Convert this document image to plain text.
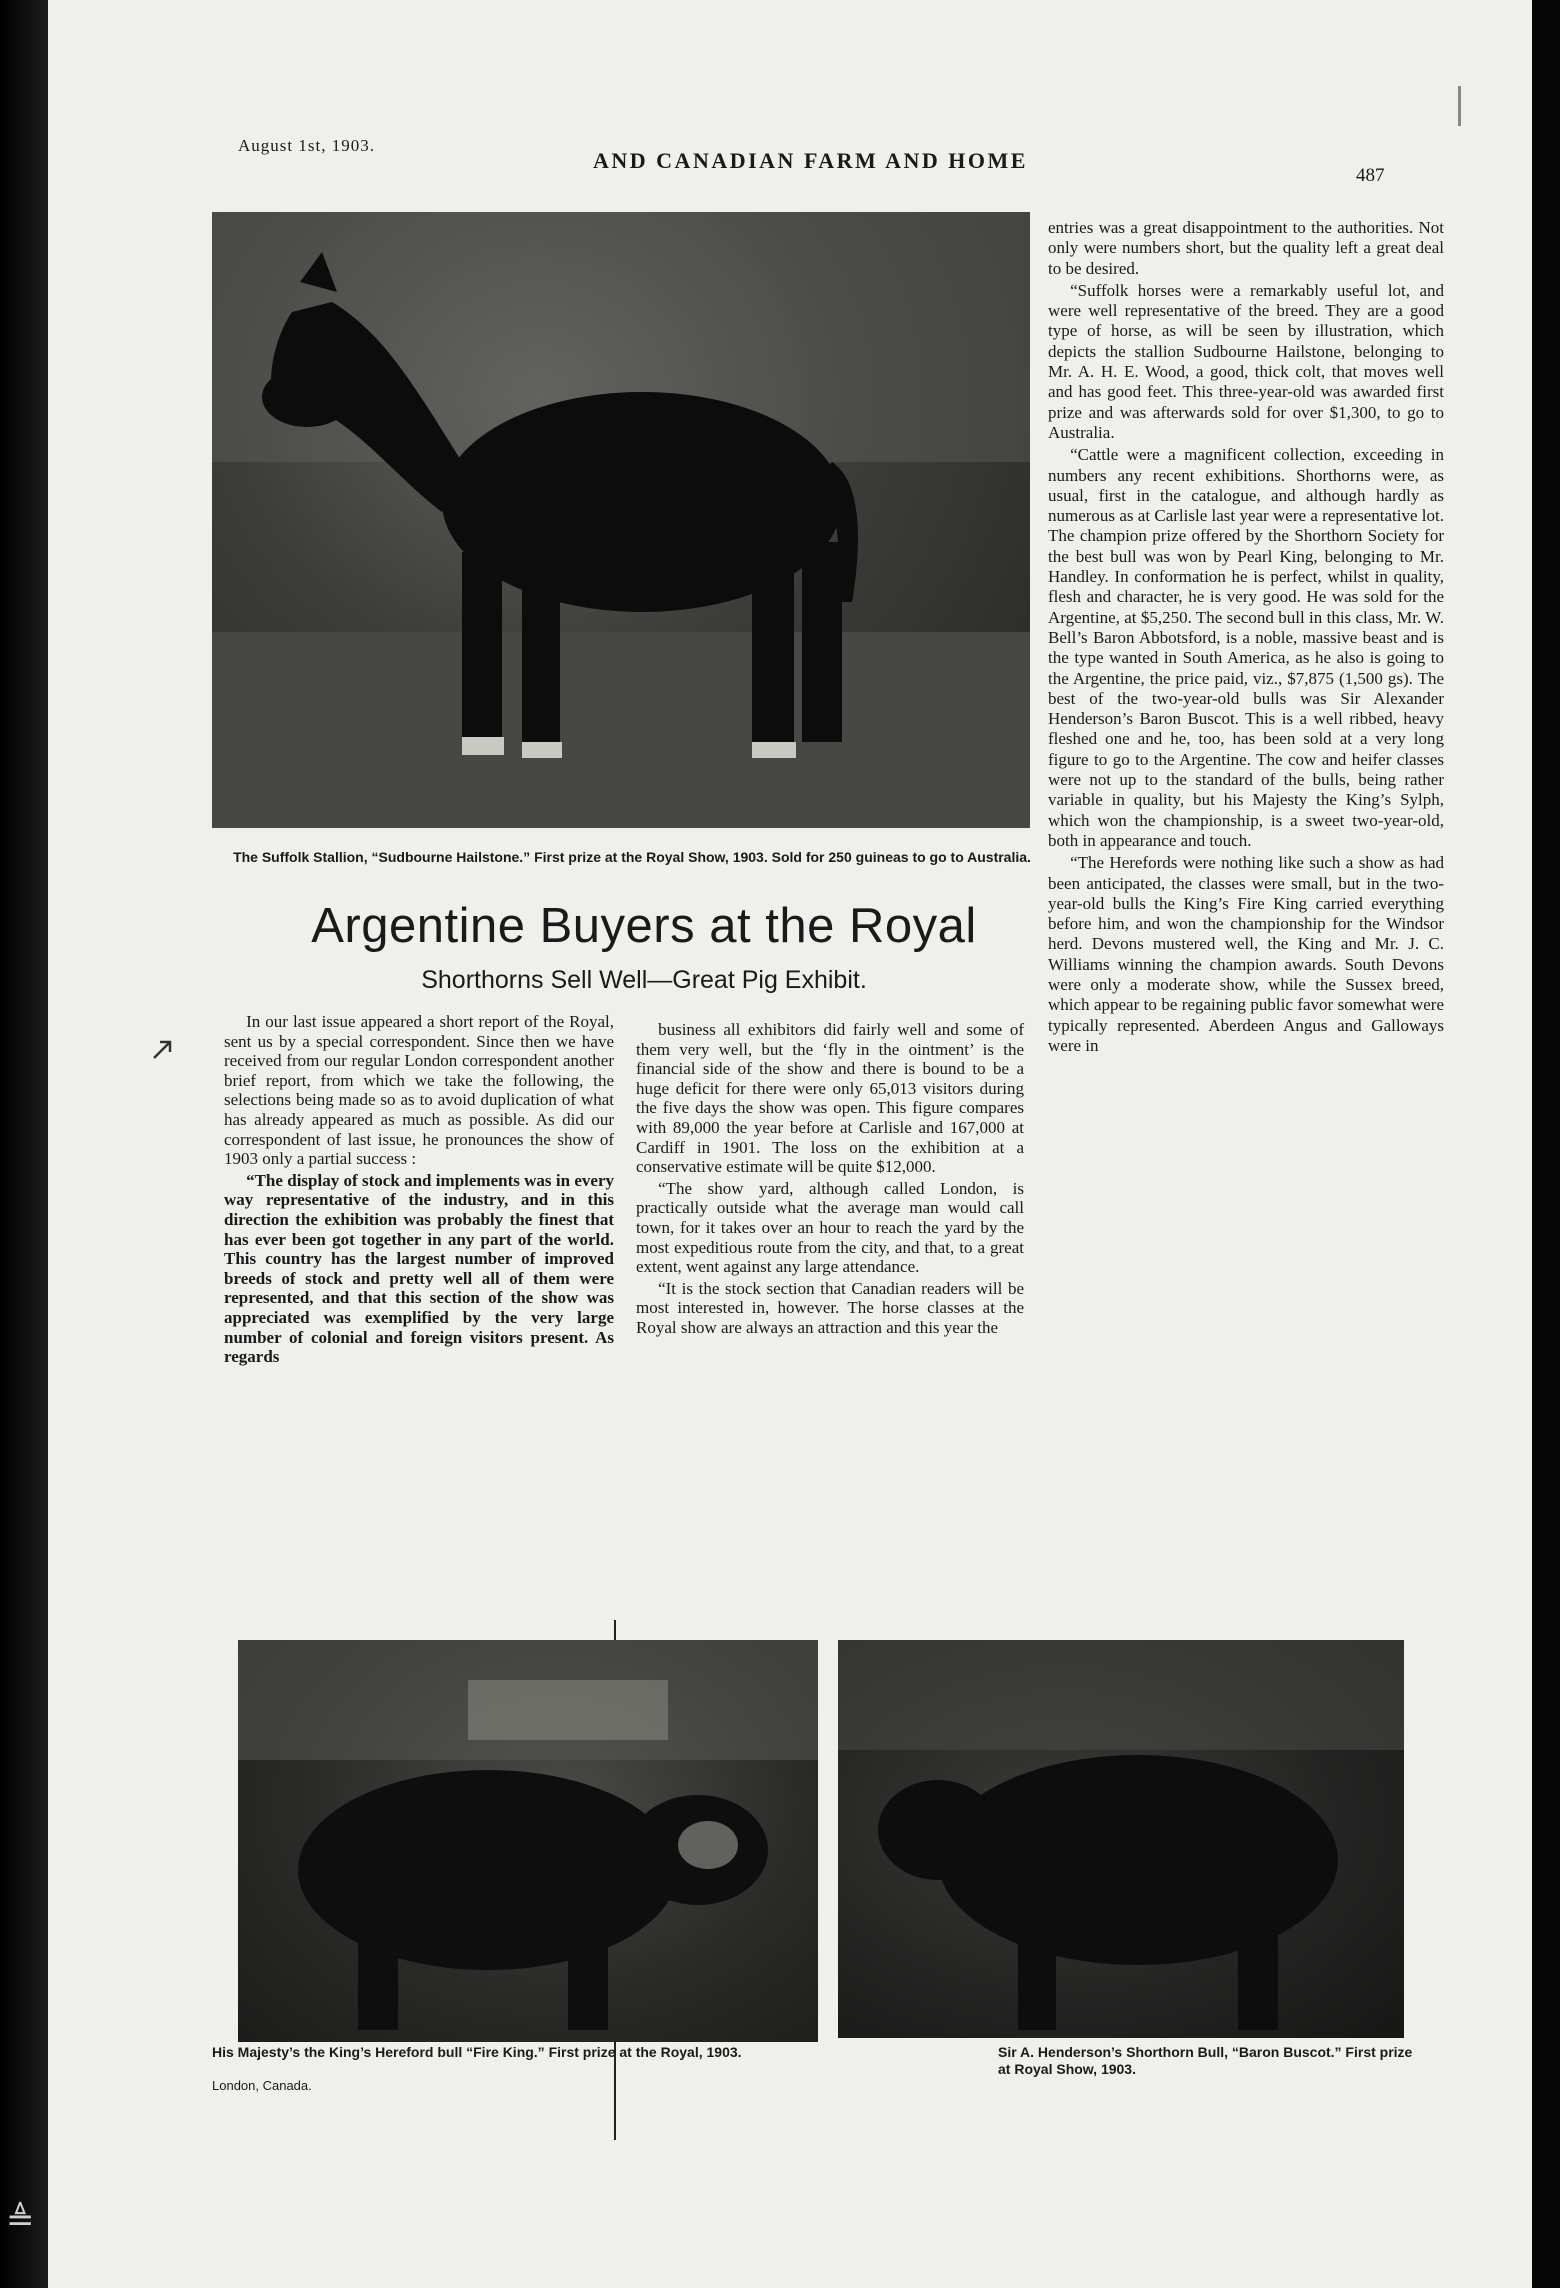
≜
August 1st, 1903.
AND CANADIAN FARM AND HOME
487
The Suffolk Stallion, “Sudbourne Hailstone.” First prize at the Royal Show, 1903. Sold for 250 guineas to go to Australia.
Argentine Buyers at the Royal
Shorthorns Sell Well—Great Pig Exhibit.

In our last issue appeared a short report of the Royal, sent us by a special correspondent. Since then we have received from our regular London correspondent another brief report, from which we take the following, the selections being made so as to avoid duplication of what has already appeared as much as possible. As did our correspondent of last issue, he pronounces the show of 1903 only a partial success :

“The display of stock and implements was in every way representative of the industry, and in this direction the exhibition was probably the finest that has ever been got together in any part of the world. This country has the largest number of improved breeds of stock and pretty well all of them were represented, and that this section of the show was appreciated was exemplified by the very large number of colonial and foreign visitors present. As regards

business all exhibitors did fairly well and some of them very well, but the ‘fly in the ointment’ is the financial side of the show and there is bound to be a huge deficit for there were only 65,013 visitors during the five days the show was open. This figure compares with 89,000 the year before at Carlisle and 167,000 at Cardiff in 1901. The loss on the exhibition at a conservative estimate will be quite $12,000.

“The show yard, although called London, is practically outside what the average man would call town, for it takes over an hour to reach the yard by the most expeditious route from the city, and that, to a great extent, went against any large attendance.

“It is the stock section that Canadian readers will be most interested in, however. The horse classes at the Royal show are always an attraction and this year the

entries was a great disappointment to the authorities. Not only were numbers short, but the quality left a great deal to be desired.

“Suffolk horses were a remarkably useful lot, and were well representative of the breed. They are a good type of horse, as will be seen by illustration, which depicts the stallion Sudbourne Hailstone, belonging to Mr. A. H. E. Wood, a good, thick colt, that moves well and has good feet. This three-year-old was awarded first prize and was afterwards sold for over $1,300, to go to Australia.

“Cattle were a magnificent collection, exceeding in numbers any recent exhibitions. Shorthorns were, as usual, first in the catalogue, and although hardly as numerous as at Carlisle last year were a representative lot. The champion prize offered by the Shorthorn Society for the best bull was won by Pearl King, belonging to Mr. Handley. In conformation he is perfect, whilst in quality, flesh and character, he is very good. He was sold for the Argentine, at $5,250. The second bull in this class, Mr. W. Bell’s Baron Abbotsford, is a noble, massive beast and is the type wanted in South America, as he also is going to the Argentine, the price paid, viz., $7,875 (1,500 gs). The best of the two-year-old bulls was Sir Alexander Henderson’s Baron Buscot. This is a well ribbed, heavy fleshed one and he, too, has been sold at a very long figure to go to the Argentine. The cow and heifer classes were not up to the standard of the bulls, being rather variable in quality, but his Majesty the King’s Sylph, which won the championship, is a sweet two-year-old, both in appearance and touch.

“The Herefords were nothing like such a show as had been anticipated, the classes were small, but in the two-year-old bulls the King’s Fire King carried everything before him, and won the championship for the Windsor herd. Devons mustered well, the King and Mr. J. C. Williams winning the champion awards. South Devons were only a moderate show, while the Sussex breed, which appear to be regaining public favor somewhat were typically represented. Aberdeen Angus and Galloways were in

His Majesty’s the King’s Hereford bull “Fire King.” First prize at the Royal, 1903.	Sir A. Henderson’s Shorthorn Bull, “Baron Buscot.” First prize at Royal Show, 1903.
London, Canada.
